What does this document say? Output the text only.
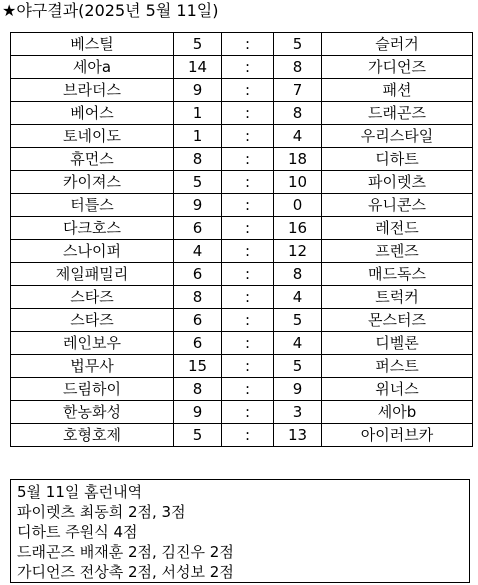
★야구결과(2025년 5월 11일)
베스틸	5	:	5	슬러거
세아a	14	:	8	가디언즈
브라더스	9	:	7	패션
베어스	1	:	8	드래곤즈
토네이도	1	:	4	우리스타일
휴먼스	8	:	18	디하트
카이져스	5	:	10	파이렛츠
터틀스	9	:	0	유니콘스
다크호스	6	:	16	레전드
스나이퍼	4	:	12	프렌즈
제일패밀리	6	:	8	매드독스
스타즈	8	:	4	트럭커
스타즈	6	:	5	몬스터즈
레인보우	6	:	4	디벨론
법무사	15	:	5	퍼스트
드림하이	8	:	9	위너스
한농화성	9	:	3	세아b
호형호제	5	:	13	아이러브카
5월 11일 홈런내역
파이렛츠 최동희 2점, 3점
디하트 주원식 4점
드래곤즈 배재훈 2점, 김진우 2점
가디언즈 전상촉 2점, 서성보 2점
